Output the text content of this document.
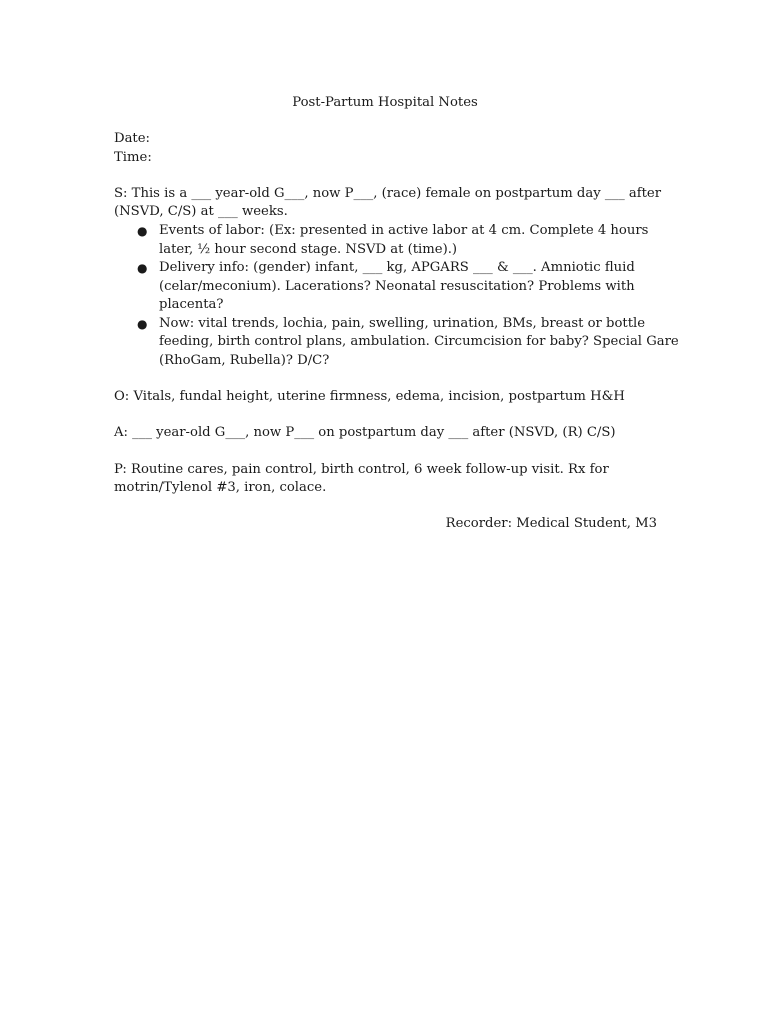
Post-Partum Hospital Notes
Date:
Time:
S: This is a ___ year-old G___, now P___, (race) female on postpartum day ___ after
(NSVD, C/S) at ___ weeks.
● Events of labor: (Ex: presented in active labor at 4 cm. Complete 4 hours
later, ½ hour second stage. NSVD at (time).)
● Delivery info: (gender) infant, ___ kg, APGARS ___ & ___. Amniotic fluid
(celar/meconium). Lacerations? Neonatal resuscitation? Problems with
placenta?
● Now: vital trends, lochia, pain, swelling, urination, BMs, breast or bottle
feeding, birth control plans, ambulation. Circumcision for baby? Special Gare
(RhoGam, Rubella)? D/C?
O: Vitals, fundal height, uterine firmness, edema, incision, postpartum H&H
A: ___ year-old G___, now P___ on postpartum day ___ after (NSVD, (R) C/S)
P: Routine cares, pain control, birth control, 6 week follow-up visit. Rx for
motrin/Tylenol #3, iron, colace.
Recorder: Medical Student, M3
